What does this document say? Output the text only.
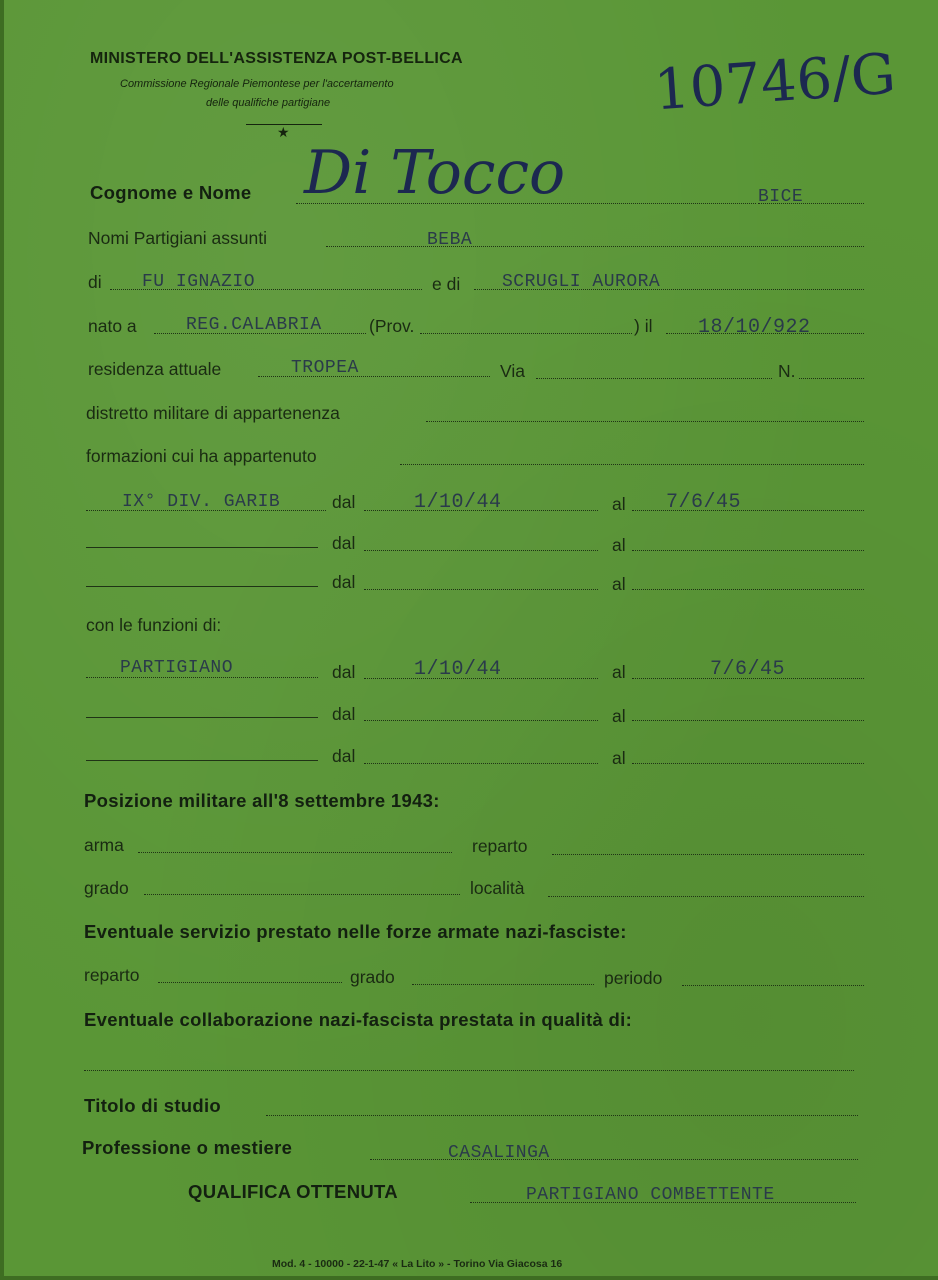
MINISTERO DELL'ASSISTENZA POST-BELLICA
Commissione Regionale Piemontese per l'accertamento
delle qualifiche partigiane
★
10746/G
Cognome e Nome Di Tocco	BICE
Nomi Partigiani assunti	BEBA
di FU IGNAZIO	e di SCRUGLI AURORA
nato a	REG.CALABRIA	(Prov.	) il 18/10/922
residenza attuale	TROPEA	Via	N.
distretto militare di appartenenza
formazioni cui ha appartenuto
IX° DIV. GARIB	dal	1/10/44	al 7/6/45
dal	al
dal	al
con le funzioni di:
PARTIGIANO	dal	1/10/44	al	7/6/45
dal	al
dal	al
Posizione militare all'8 settembre 1943:
arma	reparto
grado	località
Eventuale servizio prestato nelle forze armate nazi-fasciste:
reparto	grado	periodo
Eventuale collaborazione nazi-fascista prestata in qualità di:
Titolo di studio
Professione o mestiere	CASALINGA
QUALIFICA OTTENUTA	PARTIGIANO COMBETTENTE
Mod. 4 - 10000 - 22-1-47 « La Lito » - Torino Via Giacosa 16
